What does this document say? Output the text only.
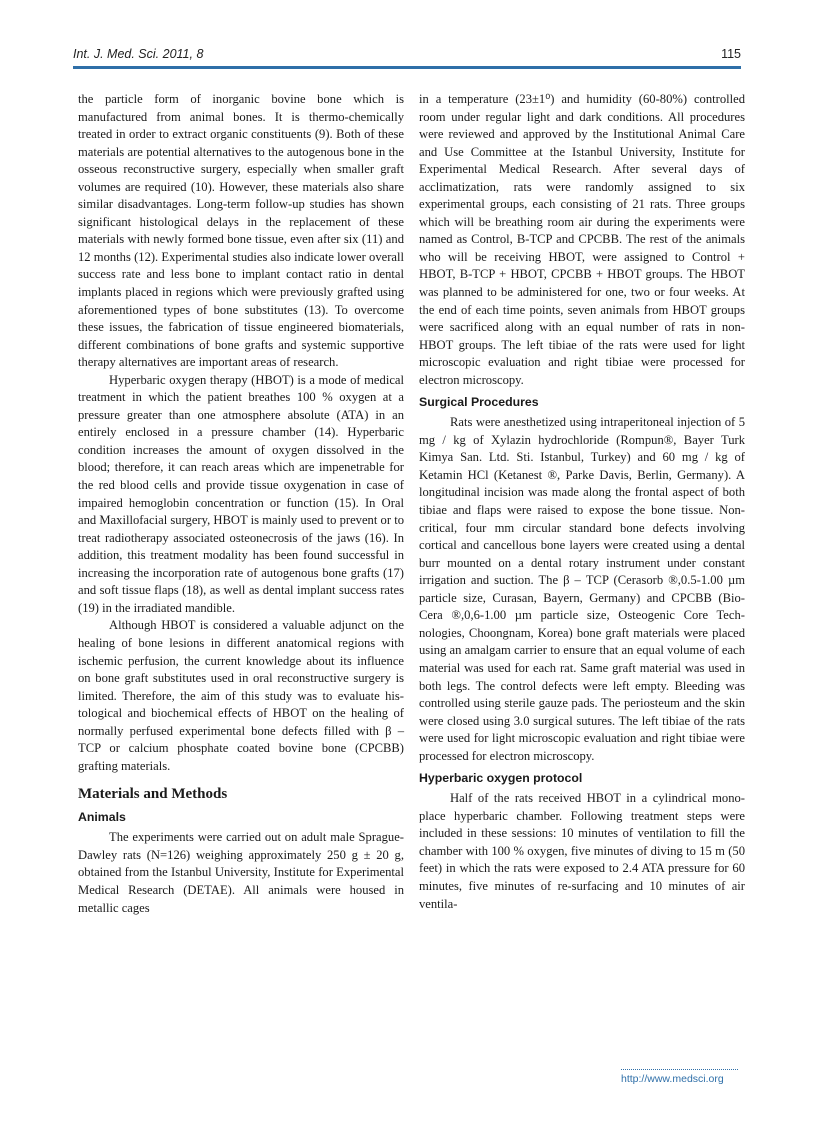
Int. J. Med. Sci. 2011, 8	115

the particle form of inorganic bovine bone which is manufactured from animal bones. It is thermo-chemically treated in order to extract organic constituents (9). Both of these materials are potential alternatives to the autogenous bone in the osseous reconstructive surgery, especially when smaller graft volumes are required (10). However, these materials also share similar disadvantages. Long-term follow-up studies has shown significant histological delays in the replacement of these materials with newly formed bone tissue, even after six (11) and 12 months (12). Experimental studies also indicate lower overall success rate and less bone to implant contact ratio in dental implants placed in regions which were previously grafted using aforementioned types of bone substitutes (13). To overcome these issues, the fabrication of tissue engineered biomaterials, different combinations of bone grafts and systemic supportive therapy alternatives are important areas of research.

Hyperbaric oxygen therapy (HBOT) is a mode of medical treatment in which the patient breathes 100 % oxygen at a pressure greater than one atmosphere absolute (ATA) in an entirely enclosed in a pressure chamber (14). Hyperbaric condition increases the amount of oxygen dissolved in the blood; therefore, it can reach areas which are impenetrable for the red blood cells and provide tissue oxygenation in case of impaired hemoglobin concentration or function (15). In Oral and Maxillofacial surgery, HBOT is mainly used to prevent or to treat radiotherapy associated osteonecrosis of the jaws (16). In addition, this treatment modality has been found successful in increasing the incorporation rate of autogenous bone grafts (17) and soft tissue flaps (18), as well as dental implant success rates (19) in the irradiated mandible.

Although HBOT is considered a valuable adjunct on the healing of bone lesions in different anatomical regions with ischemic perfusion, the current knowledge about its influence on bone graft substitutes used in oral reconstructive surgery is limited. Therefore, the aim of this study was to evaluate histological and biochemical effects of HBOT on the healing of normally perfused experimental bone defects filled with β – TCP or calcium phosphate coated bovine bone (CPCBB) grafting materials.

Materials and Methods
Animals

The experiments were carried out on adult male Sprague-Dawley rats (N=126) weighing approximately 250 g ± 20 g, obtained from the Istanbul University, Institute for Experimental Medical Research (DETAE). All animals were housed in metallic cages

in a temperature (23±1⁰) and humidity (60-80%) controlled room under regular light and dark conditions. All procedures were reviewed and approved by the Institutional Animal Care and Use Committee at the Istanbul University, Institute for Experimental Medical Research. After several days of acclimatization, rats were randomly assigned to six experimental groups, each consisting of 21 rats. Three groups which will be breathing room air during the experiments were named as Control, B-TCP and CPCBB. The rest of the animals who will be receiving HBOT, were assigned to Control + HBOT, B-TCP + HBOT, CPCBB + HBOT groups. The HBOT was planned to be administered for one, two or four weeks. At the end of each time points, seven animals from HBOT groups were sacrificed along with an equal number of rats in non-HBOT groups. The left tibiae of the rats were used for light microscopic evaluation and right tibiae were processed for electron microscopy.

Surgical Procedures

Rats were anesthetized using intraperitoneal injection of 5 mg / kg of Xylazin hydrochloride (Rompun®, Bayer Turk Kimya San. Ltd. Sti. Istanbul, Turkey) and 60 mg / kg of Ketamin HCl (Ketanest ®, Parke Davis, Berlin, Germany). A longitudinal incision was made along the frontal aspect of both tibiae and flaps were raised to expose the bone tissue. Non-critical, four mm circular standard bone defects involving cortical and cancellous bone layers were created using a dental burr mounted on a dental rotary instrument under constant irrigation and suction. The β – TCP (Cerasorb ®,0.5-1.00 µm particle size, Curasan, Bayern, Germany) and CPCBB (Bio-Cera ®,0,6-1.00 µm particle size, Osteogenic Core Technologies, Choongnam, Korea) bone graft materials were placed using an amalgam carrier to ensure that an equal volume of each material was used for each rat. Same graft material was used in both legs. The control defects were left empty. Bleeding was controlled using sterile gauze pads. The periosteum and the skin were closed using 3.0 surgical sutures. The left tibiae of the rats were used for light microscopic evaluation and right tibiae were processed for electron microscopy.

Hyperbaric oxygen protocol

Half of the rats received HBOT in a cylindrical mono-place hyperbaric chamber. Following treatment steps were included in these sessions: 10 minutes of ventilation to fill the chamber with 100 % oxygen, five minutes of diving to 15 m (50 feet) in which the rats were exposed to 2.4 ATA pressure for 60 minutes, five minutes of re-surfacing and 10 minutes of air ventila-

http://www.medsci.org
